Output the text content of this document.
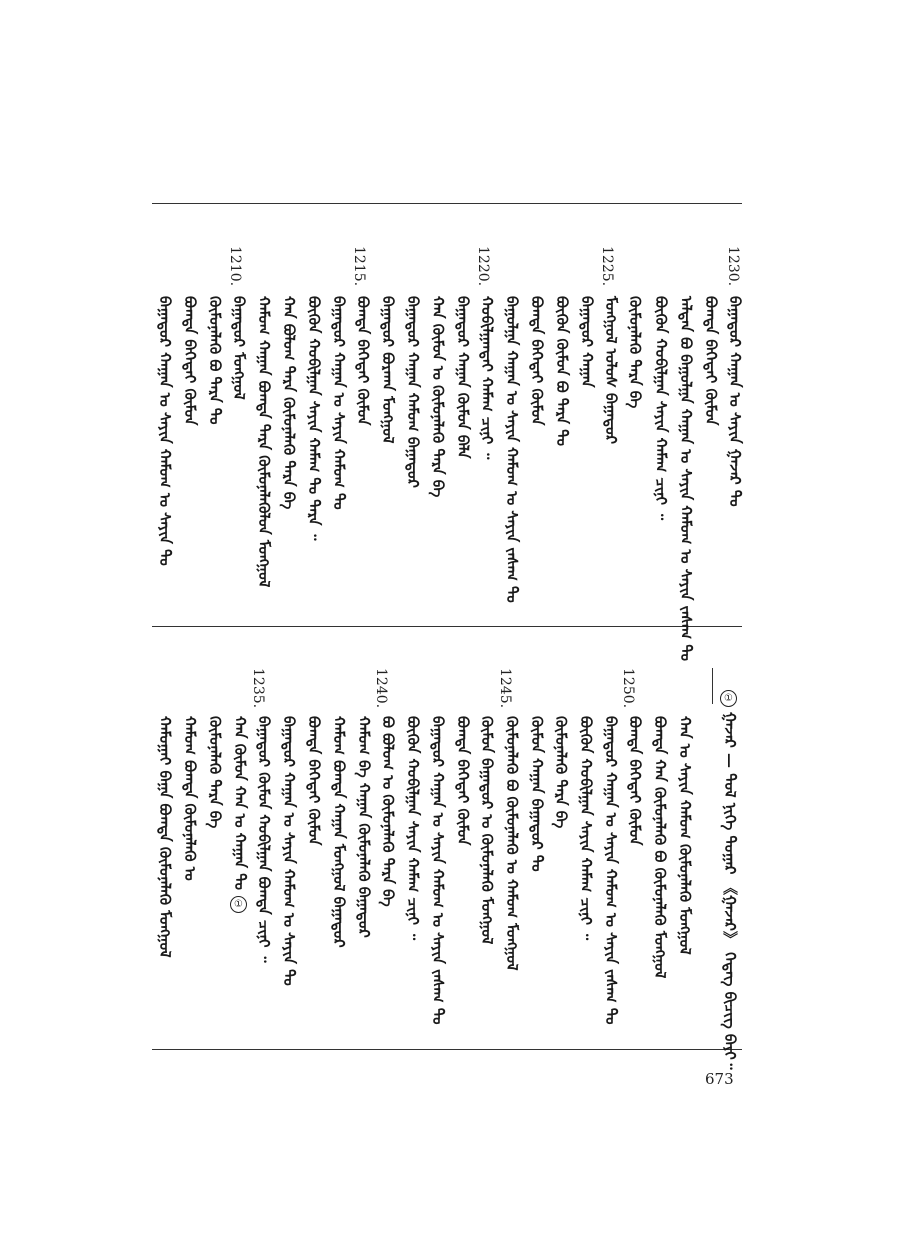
1230.
1225.
1220.
1215.
1210.
1250.
1245.
1240.
1235.	①
①	ᠭᠠᠵᠠᠷ — ᠳᠤᠯ ᠨᠢᠭᠡ ᠳᠤᠭᠠᠷ 《ᠭᠠᠵᠠᠷ》 ᠭᠡᠳᠡᠭ ᠪᠢᠴᠢᠭ ᠪᠠᠶᠢ᠃
ᠪᠠᠭᠠᠲᠤᠷ ᠬᠠᠭᠠᠨ ᠤ ᠰᠠᠶᠢᠨ ᠭᠠᠵᠠᠷ ᠲᠤ
ᠪᠤᠭᠳᠠ ᠪᠡᠭᠡᠳᠡᠢ ᠬᠦᠮᠦᠨ
ᠠᠯᠲᠠᠨ ᠪᠤ ᠪᠠᠭᠤᠯᠭᠠ ᠬᠠᠭᠠᠨ ᠤ ᠰᠠᠶᠢᠨ ᠬᠠᠮᠤᠭ ᠤ ᠰᠠᠶᠢᠨ ᠵᠠᠰᠠᠭ ᠲᠤ
ᠪᠦᠬᠦᠨ ᠬᠤᠪᠢᠯᠭᠠᠨ ᠰᠠᠶᠢᠨ ᠬᠠᠮᠠᠭ ᠴᠢᠨᠢ ᠃
ᠬᠦᠮᠦᠨᠡᠯᠡᠬᠦ ᠲᠡᠷᠡ ᠪᠡ
ᠮᠣᠩᠭᠣᠯ ᠤᠯᠤᠰ ᠪᠠᠭᠠᠲᠤᠷ
ᠪᠠᠭᠠᠲᠤᠷ ᠬᠠᠭᠠᠨ
ᠪᠦᠬᠦᠨ ᠬᠦᠮᠦᠨ ᠪᠤ ᠲᠡᠷᠡ ᠲᠤ
ᠪᠤᠭᠳᠠ ᠪᠡᠭᠡᠳᠡᠢ ᠬᠦᠮᠦᠨ
ᠪᠠᠭᠤᠯᠭᠠ ᠬᠠᠭᠠᠨ ᠤ ᠰᠠᠶᠢᠨ ᠬᠠᠮᠤᠭ ᠤ ᠰᠠᠶᠢᠨ ᠵᠠᠰᠠᠭ ᠲᠤ
ᠬᠤᠪᠢᠯᠭᠠᠨᠲᠠᠢ ᠬᠠᠮᠠᠭ ᠴᠢᠨᠢ ᠃
ᠪᠠᠭᠠᠲᠤᠷ ᠬᠠᠭᠠᠨ ᠬᠦᠮᠦᠨ ᠪᠡᠯᠡ
ᠬᠠᠨ ᠬᠦᠮᠦᠨ ᠤ ᠬᠦᠮᠦᠨᠡᠯᠡᠬᠦ ᠲᠡᠷᠡ ᠪᠡ
ᠪᠠᠭᠠᠲᠤᠷ ᠬᠠᠭᠠᠨ ᠬᠠᠮᠤᠭ ᠪᠠᠭᠠᠲᠤᠷ
ᠪᠠᠭᠠᠲᠤᠷ ᠪᠤᠷᠬᠠᠨ ᠮᠣᠩᠭᠣᠯ
ᠪᠤᠭᠳᠠ ᠪᠡᠭᠡᠳᠡᠢ ᠬᠦᠮᠦᠨ
ᠪᠠᠭᠠᠲᠤᠷ ᠬᠠᠭᠠᠨ ᠤ ᠰᠠᠶᠢᠨ ᠬᠠᠮᠤᠭ ᠲᠤ
ᠪᠦᠬᠦᠨ ᠬᠤᠪᠢᠯᠭᠠᠨ ᠰᠠᠶᠢᠨ ᠬᠠᠮᠠᠭ ᠲᠤ ᠲᠡᠷᠡ ᠃
ᠬᠠᠨ ᠪᠤᠯᠤᠭ ᠲᠡᠷᠡ ᠬᠦᠮᠦᠨᠡᠯᠡᠬᠦ ᠲᠡᠷᠡ ᠪᠡ
ᠬᠠᠮᠤᠭ ᠬᠠᠭᠠᠨ ᠪᠤᠭᠳᠠ ᠲᠡᠷᠡ ᠬᠦᠮᠦᠨᠡᠯᠡᠬᠦᠯᠦᠨ ᠮᠣᠩᠭᠣᠯ
ᠪᠠᠭᠠᠲᠤᠷ ᠮᠣᠩᠭᠣᠯ
ᠬᠦᠮᠦᠨᠡᠯᠡᠬᠦ ᠪᠤ ᠲᠡᠷᠡ ᠲᠤ
ᠪᠤᠭᠳᠠ ᠪᠡᠭᠡᠳᠡᠢ ᠬᠦᠮᠦᠨ
ᠪᠠᠭᠠᠲᠤᠷ ᠬᠠᠭᠠᠨ ᠤ ᠰᠠᠶᠢᠨ ᠬᠠᠮᠤᠭ ᠤ ᠰᠠᠶᠢᠨ ᠲᠤ
ᠬᠠᠨ ᠤ ᠰᠠᠶᠢᠨ ᠬᠠᠮᠤᠭ ᠬᠦᠮᠦᠨᠡᠯᠡᠬᠦ ᠮᠣᠩᠭᠣᠯ
ᠪᠤᠭᠳᠠ ᠬᠠᠨ ᠬᠦᠮᠦᠨᠡᠯᠡᠬᠦ ᠪᠤ ᠬᠦᠮᠦᠨᠡᠯᠡᠬᠦ ᠮᠣᠩᠭᠣᠯ
ᠪᠤᠭᠳᠠ ᠪᠡᠭᠡᠳᠡᠢ ᠬᠦᠮᠦᠨ
ᠪᠠᠭᠠᠲᠤᠷ ᠬᠠᠭᠠᠨ ᠤ ᠰᠠᠶᠢᠨ ᠬᠠᠮᠤᠭ ᠤ ᠰᠠᠶᠢᠨ ᠵᠠᠰᠠᠭ ᠲᠤ
ᠪᠦᠬᠦᠨ ᠬᠤᠪᠢᠯᠭᠠᠨ ᠰᠠᠶᠢᠨ ᠬᠠᠮᠠᠭ ᠴᠢᠨᠢ ᠃
ᠬᠦᠮᠦᠨᠡᠯᠡᠬᠦ ᠲᠡᠷᠡ ᠪᠡ
ᠬᠦᠮᠦᠨ ᠬᠠᠭᠠᠨ ᠪᠠᠭᠠᠲᠤᠷ ᠲᠤ
ᠬᠦᠮᠦᠨᠡᠯᠡᠬᠦ ᠪᠤ ᠬᠦᠮᠦᠨᠡᠯᠡᠬᠦ ᠤ ᠬᠠᠮᠤᠭ ᠮᠣᠩᠭᠣᠯ
ᠬᠦᠮᠦᠨ ᠪᠠᠭᠠᠲᠤᠷ ᠤ ᠬᠦᠮᠦᠨᠡᠯᠡᠬᠦ ᠮᠣᠩᠭᠣᠯ
ᠪᠤᠭᠳᠠ ᠪᠡᠭᠡᠳᠡᠢ ᠬᠦᠮᠦᠨ
ᠪᠠᠭᠠᠲᠤᠷ ᠬᠠᠭᠠᠨ ᠤ ᠰᠠᠶᠢᠨ ᠬᠠᠮᠤᠭ ᠤ ᠰᠠᠶᠢᠨ ᠵᠠᠰᠠᠭ ᠲᠤ
ᠪᠦᠬᠦᠨ ᠬᠤᠪᠢᠯᠭᠠᠨ ᠰᠠᠶᠢᠨ ᠬᠠᠮᠠᠭ ᠴᠢᠨᠢ ᠃
ᠪᠣ ᠪᠤᠯᠤᠭ ᠤ ᠬᠦᠮᠦᠨᠡᠯᠡᠬᠦ ᠲᠡᠷᠡ ᠪᠡ
ᠬᠠᠮᠤᠭ ᠪᠠ ᠬᠠᠭᠠᠨ ᠬᠦᠮᠦᠨᠡᠯᠡᠬᠦ ᠪᠠᠭᠠᠲᠤᠷ
ᠬᠠᠮᠤᠭ ᠪᠤᠭᠳᠠ ᠬᠠᠭᠠᠨ ᠮᠣᠩᠭᠣᠯ ᠪᠠᠭᠠᠲᠤᠷ
ᠪᠤᠭᠳᠠ ᠪᠡᠭᠡᠳᠡᠢ ᠬᠦᠮᠦᠨ
ᠪᠠᠭᠠᠲᠤᠷ ᠬᠠᠭᠠᠨ ᠤ ᠰᠠᠶᠢᠨ ᠬᠠᠮᠤᠭ ᠤ ᠰᠠᠶᠢᠨ ᠲᠤ
ᠪᠠᠭᠠᠲᠤᠷ ᠬᠦᠮᠦᠨ ᠬᠤᠪᠢᠯᠭᠠᠨ ᠪᠤᠭᠳᠠ ᠴᠢᠨᠢ ᠃
ᠬᠠᠨ ᠬᠦᠮᠦᠨ ᠬᠠᠨ ᠤ ᠬᠠᠭᠠᠨ ᠲᠤ
ᠬᠦᠮᠦᠨᠡᠯᠡᠬᠦ ᠲᠡᠷᠡ ᠪᠡ
ᠬᠠᠮᠤᠭ ᠪᠤᠭᠳᠠ ᠬᠦᠮᠦᠨᠡᠯᠡᠬᠦ ᠤ
ᠬᠠᠮᠤᠭᠠᠢ ᠪᠠᠭᠠ ᠪᠤᠭᠳᠠ ᠬᠦᠮᠦᠨᠡᠯᠡᠬᠦ ᠮᠣᠩᠭᠣᠯ
673
